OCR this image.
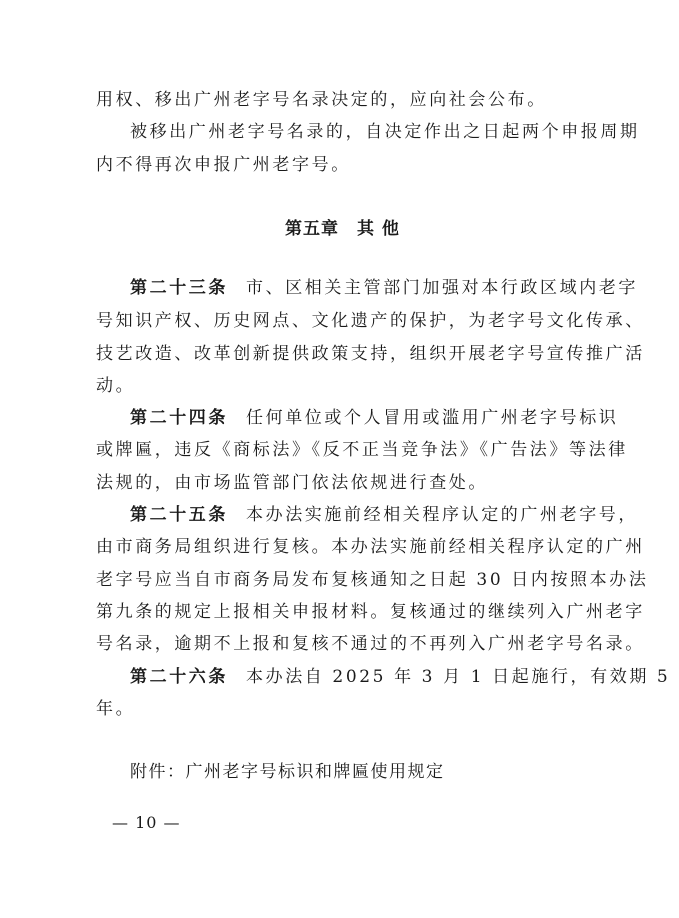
用权、移出广州老字号名录决定的，应向社会公布。
被移出广州老字号名录的，自决定作出之日起两个申报周期
内不得再次申报广州老字号。
第五章　其 他
第二十三条 市、区相关主管部门加强对本行政区域内老字
号知识产权、历史网点、文化遗产的保护，为老字号文化传承、
技艺改造、改革创新提供政策支持，组织开展老字号宣传推广活
动。
第二十四条 任何单位或个人冒用或滥用广州老字号标识
或牌匾，违反《商标法》《反不正当竞争法》《广告法》等法律
法规的，由市场监管部门依法依规进行查处。
第二十五条 本办法实施前经相关程序认定的广州老字号，
由市商务局组织进行复核。本办法实施前经相关程序认定的广州
老字号应当自市商务局发布复核通知之日起 30 日内按照本办法
第九条的规定上报相关申报材料。复核通过的继续列入广州老字
号名录，逾期不上报和复核不通过的不再列入广州老字号名录。
第二十六条 本办法自 2025 年 3 月 1 日起施行，有效期 5
年。
附件：广州老字号标识和牌匾使用规定
— 10 —
